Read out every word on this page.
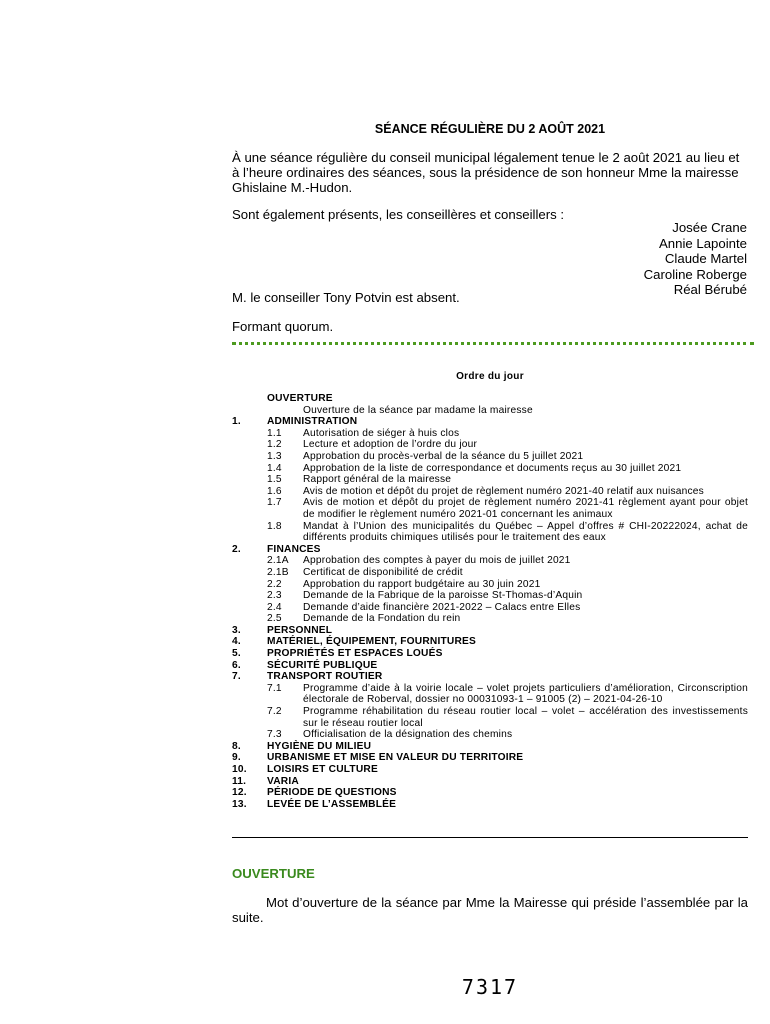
SÉANCE RÉGULIÈRE DU 2 AOÛT 2021
À une séance régulière du conseil municipal légalement tenue le 2 août 2021 au lieu et à l’heure ordinaires des séances, sous la présidence de son honneur Mme la mairesse Ghislaine M.-Hudon.
Sont également présents, les conseillères et conseillers :
Josée Crane
Annie Lapointe
Claude Martel
Caroline Roberge
Réal Bérubé
M. le conseiller Tony Potvin est absent.
Formant quorum.
Ordre du jour
OUVERTURE
Ouverture de la séance par madame la mairesse
1.	ADMINISTRATION
1.1 Autorisation de siéger à huis clos
1.2 Lecture et adoption de l’ordre du jour
1.3 Approbation du procès-verbal de la séance du 5 juillet 2021
1.4 Approbation de la liste de correspondance et documents reçus au 30 juillet 2021
1.5 Rapport général de la mairesse
1.6 Avis de motion et dépôt du projet de règlement numéro 2021-40 relatif aux nuisances
1.7 Avis de motion et dépôt du projet de règlement numéro 2021-41 règlement ayant pour objet de modifier le règlement numéro 2021-01 concernant les animaux
1.8 Mandat à l’Union des municipalités du Québec – Appel d’offres # CHI-20222024, achat de différents produits chimiques utilisés pour le traitement des eaux
2.	FINANCES
2.1A Approbation des comptes à payer du mois de juillet 2021
2.1B Certificat de disponibilité de crédit
2.2 Approbation du rapport budgétaire au 30 juin 2021
2.3 Demande de la Fabrique de la paroisse St-Thomas-d’Aquin
2.4 Demande d’aide financière 2021-2022 – Calacs entre Elles
2.5 Demande de la Fondation du rein
3.	PERSONNEL
4.	MATÉRIEL, ÉQUIPEMENT, FOURNITURES
5.	PROPRIÉTÉS ET ESPACES LOUÉS
6.	SÉCURITÉ PUBLIQUE
7.	TRANSPORT ROUTIER
7.1 Programme d’aide à la voirie locale – volet projets particuliers d’amélioration, Circonscription électorale de Roberval, dossier no 00031093-1 – 91005 (2) – 2021-04-26-10
7.2 Programme réhabilitation du réseau routier local – volet – accélération des investissements sur le réseau routier local
7.3 Officialisation de la désignation des chemins
8.	HYGIÈNE DU MILIEU
9.	URBANISME ET MISE EN VALEUR DU TERRITOIRE
10. LOISIRS ET CULTURE
11. VARIA
12. PÉRIODE DE QUESTIONS
13. LEVÉE DE L’ASSEMBLÉE
OUVERTURE
Mot d’ouverture de la séance par Mme la Mairesse qui préside l’assemblée par la suite.
7317
